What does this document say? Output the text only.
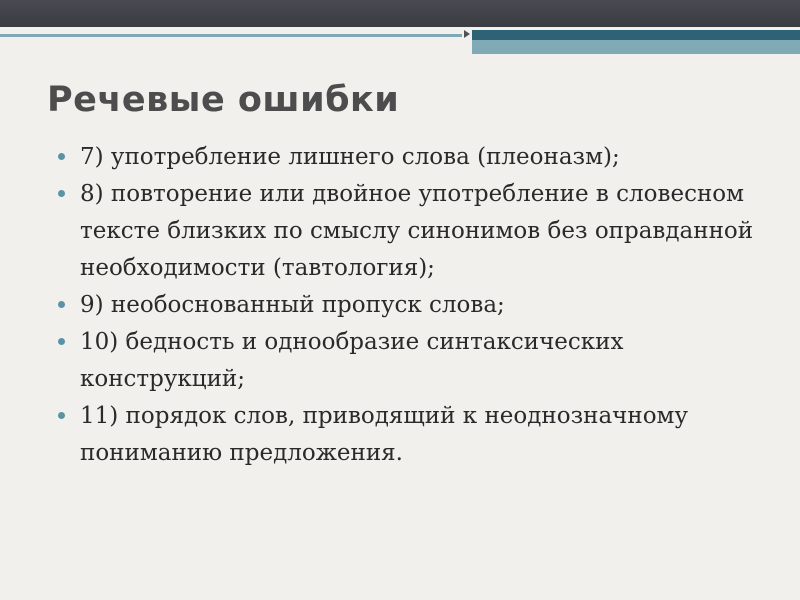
Речевые ошибки
7) употребление лишнего слова (плеоназм);
8) повторение или двойное употребление в словесном тексте близких по смыслу синонимов без оправданной необходимости (тавтология);
9) необоснованный пропуск слова;
10) бедность и однообразие синтаксических конструкций;
11) порядок слов, приводящий к неоднозначному пониманию предложения.
